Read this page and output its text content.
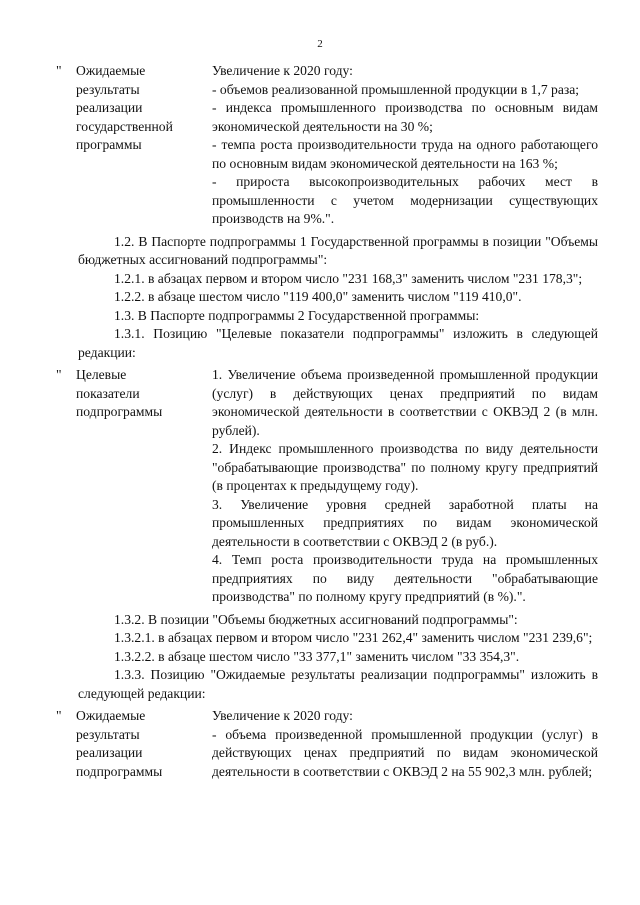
2
" Ожидаемые
результаты
реализации
государственной
программы

Увеличение к 2020 году:

- объемов реализованной промышленной продукции в 1,7 раза;

- индекса промышленного производства по основным видам экономической деятельности на 30 %;

- темпа роста производительности труда на одного работающего по основным видам экономической деятельности на 163 %;

- прироста высокопроизводительных рабочих мест в промышленности с учетом модернизации существующих производств на 9%.".

1.2. В Паспорте подпрограммы 1 Государственной программы в позиции "Объемы бюджетных ассигнований подпрограммы":

1.2.1. в абзацах первом и втором число "231 168,3" заменить числом "231 178,3";

1.2.2. в абзаце шестом число "119 400,0" заменить числом "119 410,0".

1.3. В Паспорте подпрограммы 2 Государственной программы:

1.3.1. Позицию "Целевые показатели подпрограммы" изложить в следующей редакции:

" Целевые
показатели
подпрограммы

1. Увеличение объема произведенной промышленной продукции (услуг) в действующих ценах предприятий по видам экономической деятельности в соответствии с ОКВЭД 2 (в млн. рублей).

2. Индекс промышленного производства по виду деятельности "обрабатывающие производства" по полному кругу предприятий (в процентах к предыдущему году).

3. Увеличение уровня средней заработной платы на промышленных предприятиях по видам экономической деятельности в соответствии с ОКВЭД 2 (в руб.).

4. Темп роста производительности труда на промышленных предприятиях по виду деятельности "обрабатывающие производства" по полному кругу предприятий (в %).".

1.3.2. В позиции "Объемы бюджетных ассигнований подпрограммы":

1.3.2.1. в абзацах первом и втором число "231 262,4" заменить числом "231 239,6";

1.3.2.2. в абзаце шестом число "33 377,1" заменить числом "33 354,3".

1.3.3. Позицию "Ожидаемые результаты реализации подпрограммы" изложить в следующей редакции:

" Ожидаемые
результаты
реализации
подпрограммы

Увеличение к 2020 году:

- объема произведенной промышленной продукции (услуг) в действующих ценах предприятий по видам экономической деятельности в соответствии с ОКВЭД 2 на 55 902,3 млн. рублей;
